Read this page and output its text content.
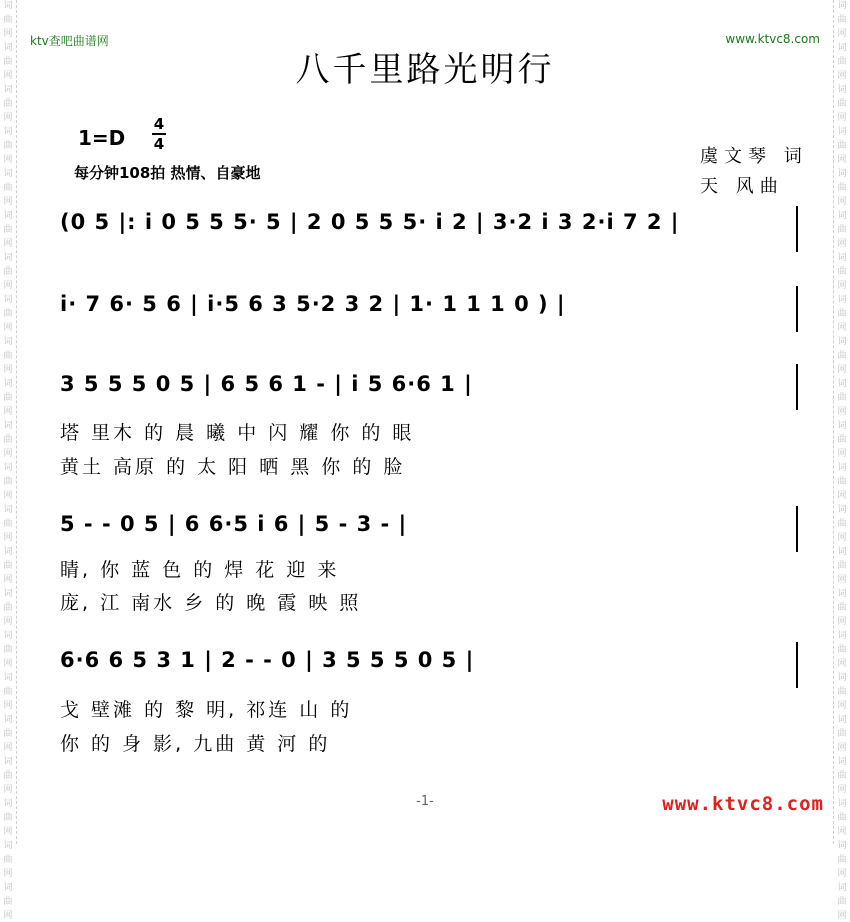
词
曲
网
词
曲
网
词
曲
网
词
曲
网
词
曲
网
词
曲
网
词
曲
网
词
曲
网
词
曲
网
词
曲
网
词
曲
网
词
曲
网
词
曲
网
词
曲
网
词
曲
网
词
曲
网
词
曲
网
词
曲
网
词
曲
网
词
曲
网
词
曲
网
词
曲
网
词
曲
网
词
曲
网
词
曲
网
词
曲
网
词
曲
网
词
曲
网
词
曲
网
词
曲
网
词
曲
网
词
曲
网
词
曲
网
词
曲
网
词
曲
网
词
曲
网
词
曲
网
词
曲
网
词
曲
网
词
曲
网
词
曲
网
词
曲
网
词
曲
网
词
曲
网
ktv查吧曲谱网	www.ktvc8.com
八千里路光明行
1=D
4
4
每分钟108拍 热情、自豪地
虞文琴 词
天 风曲
(0 5 |: i 0 5 5 5· 5 | 2 0 5 5 5· i 2 | 3·2 i 3 2·i 7 2 |
i· 7 6· 5 6 | i·5 6 3 5·2 3 2 | 1· 1 1 1 0 ) |
3 5 5 5 0 5 | 6 5 6 1 - | i 5 6·6 1 |
塔 里木 的 晨 曦 中 闪 耀 你 的 眼
黄土 高原 的 太 阳 晒 黑 你 的 脸
5 - - 0 5 | 6 6·5 i 6 | 5 - 3 - |
睛, 你 蓝 色 的 焊 花 迎 来
庞, 江 南水 乡 的 晚 霞 映 照
6·6 6 5 3 1 | 2 - - 0 | 3 5 5 5 0 5 |
戈 壁滩 的 黎 明, 祁连 山 的
你 的 身 影, 九曲 黄 河 的
-1-	www.ktvc8.com
